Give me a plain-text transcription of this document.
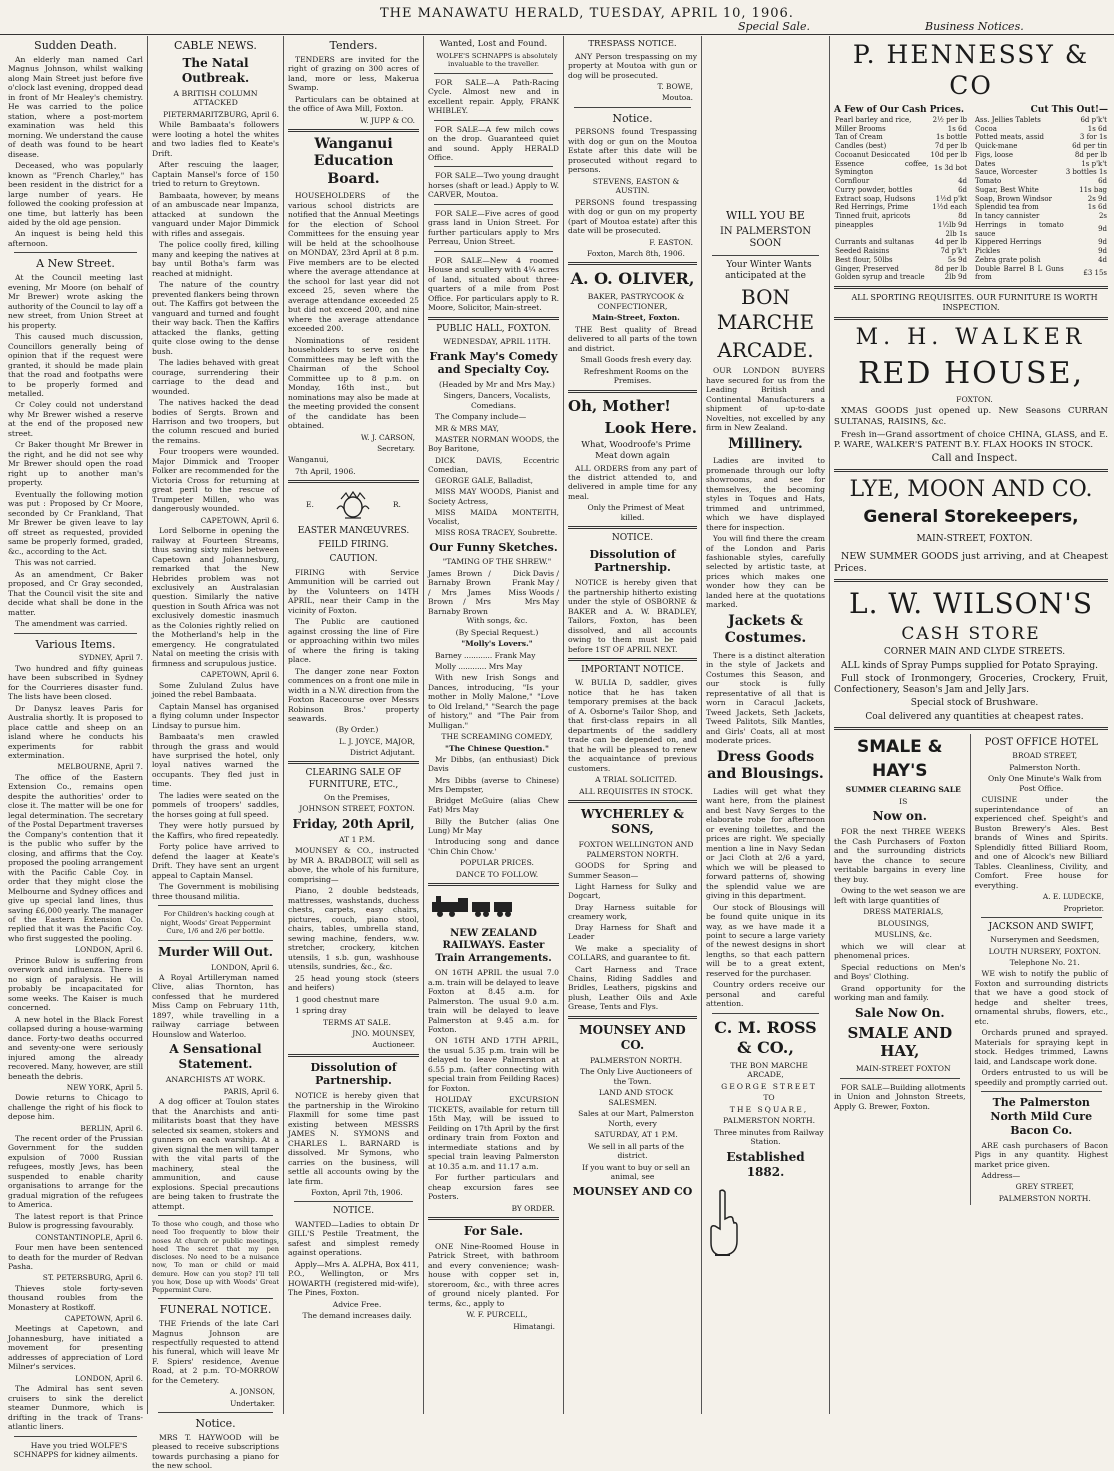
THE MANAWATU HERALD, TUESDAY, APRIL 10, 1906.
Special Sale.	Business Notices.
Sudden Death.

An elderly man named Carl Magnus Johnson, whilst walking along Main Street just before five o'clock last evening, dropped dead in front of Mr Healey's chemistry. He was carried to the police station, where a post-mortem examination was held this morning. We understand the cause of death was found to be heart disease.

Deceased, who was popularly known as "French Charley," has been resident in the district for a large number of years. He followed the cooking profession at one time, but latterly has been aided by the old age pension.

An inquest is being held this afternoon.

A New Street.

At the Council meeting last evening, Mr Moore (on behalf of Mr Brewer) wrote asking the authority of the Council to lay off a new street, from Union Street at his property.

This caused much discussion, Councillors generally being of opinion that if the request were granted, it should be made plain that the road and footpaths were to be properly formed and metalled.

Cr Coley could not understand why Mr Brewer wished a reserve at the end of the proposed new street.

Cr Baker thought Mr Brewer in the right, and he did not see why Mr Brewer should open the road right up to another man's property.

Eventually the following motion was put : Proposed by Cr Moore, seconded by Cr Frankland, That Mr Brewer be given leave to lay off street as requested, provided same be properly formed, graded, &c., according to the Act.

This was not carried.

As an amendment, Cr Baker proposed, and Cr Gray seconded, That the Council visit the site and decide what shall be done in the matter.

The amendment was carried.

Various Items.
SYDNEY, April 7.

Two hundred and fifty guineas have been subscribed in Sydney for the Courrieres disaster fund. The lists have been closed.

Dr Danysz leaves Paris for Australia shortly. It is proposed to place cattle and sheep on an island where he conducts his experiments for rabbit extermination.

MELBOURNE, April 7.

The office of the Eastern Extension Co., remains open despite the authorities' order to close it. The matter will be one for legal determination. The secretary of the Postal Department traverses the Company's contention that it is the public who suffer by the closing, and affirms that the Coy. proposed the pooling arrangement with the Pacific Cable Coy. in order that they might close the Melbourne and Sydney offices and give up special land lines, thus saving £6,000 yearly. The manager of the Eastern Extension Co. replied that it was the Pacific Coy. who first suggested the pooling.

LONDON, April 6.

Prince Bulow is suffering from overwork and influenza. There is no sign of paralysis. He will probably be incapacitated for some weeks. The Kaiser is much concerned.

A new hotel in the Black Forest collapsed during a house-warming dance. Forty-two deaths occurred and seventy-one were seriously injured among the already recovered. Many, however, are still beneath the debris.

NEW YORK, April 5.

Dowie returns to Chicago to challenge the right of his flock to depose him.

BERLIN, April 6.

The recent order of the Prussian Government for the sudden expulsion of 7000 Russian refugees, mostly Jews, has been suspended to enable charity organisations to arrange for the gradual migration of the refugees to America.

The latest report is that Prince Bulow is progressing favourably.

CONSTANTINOPLE, April 6.

Four men have been sentenced to death for the murder of Redvan Pasha.

ST. PETERSBURG, April 6.

Thieves stole forty-seven thousand roubles from the Monastery at Rostkoff.

CAPETOWN, April 6.

Meetings at Capetown, and Johannesburg, have initiated a movement for presenting addresses of appreciation of Lord Milner's services.

LONDON, April 6.

The Admiral has sent seven cruisers to sink the derelict steamer Dunmore, which is drifting in the track of Trans-atlantic liners.

Have you tried WOLFE'S SCHNAPPS for kidney ailments.

CABLE NEWS.
The Natal Outbreak.
A BRITISH COLUMN ATTACKED
PIETERMARITZBURG, April 6.

While Bambaata's followers were looting a hotel the whites and two ladies fled to Keate's Drift.

After rescuing the laager, Captain Mansel's force of 150 tried to return to Greytown.

Bambaata, however, by means of an ambuscade near Impanza, attacked at sundown the vanguard under Major Dimmick with rifles and assegais.

The police coolly fired, killing many and keeping the natives at bay until Botha's farm was reached at midnight.

The nature of the country prevented flankers being thrown out. The Kaffirs got between the vanguard and turned and fought their way back. Then the Kaffirs attacked the flanks, getting quite close owing to the dense bush.

The ladies behaved with great courage, surrendering their carriage to the dead and wounded.

The natives hacked the dead bodies of Sergts. Brown and Harrison and two troopers, but the column rescued and buried the remains.

Four troopers were wounded. Major Dimmick and Trooper Folker are recommended for the Victoria Cross for returning at great peril to the rescue of Trumpeter Millen, who was dangerously wounded.

CAPETOWN, April 6.

Lord Selborne in opening the railway at Fourteen Streams, thus saving sixty miles between Capetown and Johannesburg, remarked that the New Hebrides problem was not exclusively an Australasian question. Similarly the native question in South Africa was not exclusively domestic inasmuch as the Colonies rightly relied on the Motherland's help in the emergency. He congratulated Natal on meeting the crisis with firmness and scrupulous justice.

CAPETOWN, April 6.

Some Zululand Zulus have joined the rebel Bambaata.

Captain Mansel has organised a flying column under Inspector Lindsay to pursue him.

Bambaata's men crawled through the grass and would have surprised the hotel, only loyal natives warned the occupants. They fled just in time.

The ladies were seated on the pommels of troopers' saddles, the horses going at full speed.

They were hotly pursued by the Kaffirs, who fired repeatedly.

Forty police have arrived to defend the laager at Keate's Drift. They have sent an urgent appeal to Captain Mansel.

The Government is mobilising three thousand militia.

For Children's hacking cough at night, Woods' Great Peppermint Cure, 1/6 and 2/6 per bottle.

Murder Will Out.
LONDON, April 6.

A Royal Artilleryman named Clive, alias Thornton, has confessed that he murdered Miss Camp on February 11th, 1897, while travelling in a railway carriage between Hounslow and Waterloo.

A Sensational Statement.
ANARCHISTS AT WORK.
PARIS, April 6.

A dog officer at Toulon states that the Anarchists and anti-militarists boast that they have selected six seamen, stokers and gunners on each warship. At a given signal the men will tamper with the vital parts of the machinery, steal the ammunition, and cause explosions. Special precautions are being taken to frustrate the attempt.

To those who cough, and those who need Too frequently to blow their noses At church or public meetings, heed The secret that my pen discloses. No need to be a nuisance now, To man or child or maid demure. How can you stop? I'll tell you how, Dose up with Woods' Great Peppermint Cure.

FUNERAL NOTICE.

THE Friends of the late Carl Magnus Johnson are respectfully requested to attend his funeral, which will leave Mr F. Spiers' residence, Avenue Road, at 2 p.m. TO-MORROW for the Cemetery.

A. JONSON,
Undertaker.
Notice.

MRS T. HAYWOOD will be pleased to receive subscriptions towards purchasing a piano for the new school.

Tenders.

TENDERS are invited for the right of grazing on 300 acres of land, more or less, Makerua Swamp.

Particulars can be obtained at the office of Awa Mill, Foxton.

W. JUPP & CO.
Wanganui Education Board.

HOUSEHOLDERS of the various school districts are notified that the Annual Meetings for the election of School Committees for the ensuing year will be held at the schoolhouse on MONDAY, 23rd April at 8 p.m. Five members are to be elected where the average attendance at the school for last year did not exceed 25, seven where the average attendance exceeded 25 but did not exceed 200, and nine where the average attendance exceeded 200.

Nominations of resident householders to serve on the Committees may be left with the Chairman of the School Committee up to 8 p.m. on Monday, 16th inst., but nominations may also be made at the meeting provided the consent of the candidate has been obtained.

W. J. CARSON,
Secretary.

Wanganui,

7th April, 1906.

E.	R.
EASTER MANŒUVRES.
FEILD FIRING.
CAUTION.

FIRING with Service Ammunition will be carried out by the Volunteers on 14TH APRIL, near their Camp in the vicinity of Foxton.

The Public are cautioned against crossing the line of Fire or approaching within two miles of where the firing is taking place.

The danger zone near Foxton commences on a front one mile in width in a N.W. direction from the Foxton Racecourse over Messrs Robinson Bros.' property seawards.

(By Order.)

L. J. JOYCE, MAJOR,
District Adjutant.
CLEARING SALE OF FURNITURE, ETC.,

On the Premises,

JOHNSON STREET, FOXTON.

Friday, 20th April,

AT 1 P.M.

MOUNSEY & CO., instructed by MR A. BRADBOLT, will sell as above, the whole of his furniture, comprising—

Piano, 2 double bedsteads, mattresses, washstands, duchess chests, carpets, easy chairs, pictures, couch, piano stool, chairs, tables, umbrella stand, sewing machine, fenders, w.w. stretcher, crockery, kitchen utensils, 1 s.b. gun, washhouse utensils, sundries, &c., &c.

25 head young stock (steers and heifers)

1 good chestnut mare

1 spring dray

TERMS AT SALE.

JNO. MOUNSEY,
Auctioneer.
Dissolution of Partnership.

NOTICE is hereby given that the partnership in the Wirokino Flaxmill for some time past existing between MESSRS JAMES N. SYMONS and CHARLES L. BARNARD is dissolved. Mr Symons, who carries on the business, will settle all accounts owing by the late firm.

Foxton, April 7th, 1906.

NOTICE.

WANTED—Ladies to obtain Dr GILL'S Pestile Treatment, the safest and simplest remedy against operations.

Apply—Mrs A. ALPHA, Box 411, P.O., Wellington, or Mrs HOWARTH (registered mid-wife), The Pines, Foxton.

Advice Free.

The demand increases daily.

Wanted, Lost and Found.

WOLFE'S SCHNAPPS is absolutely invaluable to the traveller.

FOR SALE—A Path-Racing Cycle. Almost new and in excellent repair. Apply, FRANK WHIBLEY.

FOR SALE—A few milch cows on the drop. Guaranteed quiet and sound. Apply HERALD Office.

FOR SALE—Two young draught horses (shaft or lead.) Apply to W. CARVER, Moutoa.

FOR SALE—Five acres of good grass land in Union Street. For further particulars apply to Mrs Perreau, Union Street.

FOR SALE—New 4 roomed House and scullery with 4¼ acres of land, situated about three-quarters of a mile from Post Office. For particulars apply to R. Moore, Solicitor, Main-street.

PUBLIC HALL, FOXTON.

WEDNESDAY, APRIL 11TH.

Frank May's Comedy and Specialty Coy.

(Headed by Mr and Mrs May.)

Singers, Dancers, Vocalists, Comedians.

The Company include—

MR & MRS MAY,

MASTER NORMAN WOODS, the Boy Baritone,

DICK DAVIS, Eccentric Comedian,

GEORGE GALE, Balladist,

MISS MAY WOODS, Pianist and Society Actress,

MISS MAIDA MONTEITH, Vocalist,

MISS ROSA TRACEY, Soubrette.

Our Funny Sketches.

"TAMING OF THE SHREW."

James Brown / Barnaby Brown / Mrs James Brown / Mrs Barnaby Brown
Dick Davis / Frank May / Miss Woods / Mrs May

With songs, &c.

(By Special Request.)

"Molly's Lovers."

Barney ............ Frank May

Molly ............ Mrs May

With new Irish Songs and Dances, introducing, "Is your mother in Molly Malone," "Love to Old Ireland," "Search the page of history," and "The Pair from Mulligan."

THE SCREAMING COMEDY,

"The Chinese Question."

Mr Dibbs, (an enthusiast) Dick Davis

Mrs Dibbs (averse to Chinese) Mrs Dempster,

Bridget McGuire (alias Chew Fat) Mrs May

Billy the Butcher (alias One Lung) Mr May

Introducing song and dance 'Chin Chin Chow.'

POPULAR PRICES.

DANCE TO FOLLOW.

NEW ZEALAND RAILWAYS. Easter Train Arrangements.

ON 16TH APRIL the usual 7.0 a.m. train will be delayed to leave Foxton at 8.45 a.m. for Palmerston. The usual 9.0 a.m. train will be delayed to leave Palmerston at 9.45 a.m. for Foxton.

ON 16TH AND 17TH APRIL, the usual 5.35 p.m. train will be delayed to leave Palmerston at 6.55 p.m. (after connecting with special train from Feilding Races) for Foxton.

HOLIDAY EXCURSION TICKETS, available for return till 15th May, will be issued to Feilding on 17th April by the first ordinary train from Foxton and intermediate stations and by special train leaving Palmerston at 10.35 a.m. and 11.17 a.m.

For further particulars and cheap excursion fares see Posters.

BY ORDER.
For Sale.

ONE Nine-Roomed House in Patrick Street, with bathroom and every convenience; wash-house with copper set in, storeroom, &c., with three acres of ground nicely planted. For terms, &c., apply to

W. F. PURCELL,

Himatangi.
TRESPASS NOTICE.

ANY Person trespassing on my property at Moutoa with gun or dog will be prosecuted.

T. BOWE,
Moutoa.
Notice.

PERSONS found Trespassing with dog or gun on the Moutoa Estate after this date will be prosecuted without regard to persons.

STEVENS, EASTON & AUSTIN.

PERSONS found trespassing with dog or gun on my property (part of Moutoa estate) after this date will be prosecuted.

F. EASTON.

Foxton, March 8th, 1906.

A. O. OLIVER,

BAKER, PASTRYCOOK & CONFECTIONER,

Main-Street, Foxton.

THE Best quality of Bread delivered to all parts of the town and district.

Small Goods fresh every day.

Refreshment Rooms on the Premises.

Oh, Mother!
Look Here.

What, Woodroofe's Prime Meat down again

ALL ORDERS from any part of the district attended to, and delivered in ample time for any meal.

Only the Primest of Meat killed.

NOTICE.
Dissolution of Partnership.

NOTICE is hereby given that the partnership hitherto existing under the style of OSBORNE & BAKER and A. W. BRADLEY, Tailors, Foxton, has been dissolved, and all accounts owing to them must be paid before 1ST OF APRIL NEXT.

IMPORTANT NOTICE.

W. BULIA D, saddler, gives notice that he has taken temporary premises at the back of A. Osborne's Tailor Shop, and that first-class repairs in all departments of the saddlery trade can be depended on, and that he will be pleased to renew the acquaintance of previous customers.

A TRIAL SOLICITED.

ALL REQUISITES IN STOCK.

WYCHERLEY & SONS,

FOXTON WELLINGTON AND PALMERSTON NORTH.

GOODS for Spring and Summer Season—

Light Harness for Sulky and Dogcart,

Dray Harness suitable for creamery work,

Dray Harness for Shaft and Leader

We make a speciality of COLLARS, and guarantee to fit.

Cart Harness and Trace Chains, Riding Saddles and Bridles, Leathers, pigskins and plush, Leather Oils and Axle Grease, Tents and Flys.

MOUNSEY AND CO.

PALMERSTON NORTH.

The Only Live Auctioneers of the Town.

LAND AND STOCK SALESMEN.

Sales at our Mart, Palmerston North, every

SATURDAY, AT 1 P.M.

We sell in all parts of the district.

If you want to buy or sell an animal, see

MOUNSEY AND CO
WILL YOU BE
IN PALMERSTON SOON

Your Winter Wants anticipated at the

BON MARCHE
ARCADE.

OUR LONDON BUYERS have secured for us from the Leading British and Continental Manufacturers a shipment of up-to-date Novelties, not excelled by any firm in New Zealand.

Millinery.

Ladies are invited to promenade through our lofty showrooms, and see for themselves, the becoming styles in Toques and Hats, trimmed and untrimmed, which we have displayed there for inspection.

You will find there the cream of the London and Paris fashionable styles, carefully selected by artistic taste, at prices which makes one wonder how they can be landed here at the quotations marked.

Jackets & Costumes.

There is a distinct alteration in the style of Jackets and Costumes this Season, and our stock is fully representative of all that is worn in Caracul Jackets, Tweed Jackets, Seth Jackets, Tweed Palitots, Silk Mantles, and Girls' Coats, all at most moderate prices.

Dress Goods and Blousings.

Ladies will get what they want here, from the plainest and best Navy Serges to the elaborate robe for afternoon or evening toilettes, and the prices are right. We specially mention a line in Navy Sedan or Jaci Cloth at 2/6 a yard, which we will be pleased to forward patterns of, showing the splendid value we are giving in this department.

Our stock of Blousings will be found quite unique in its way, as we have made it a point to secure a large variety of the newest designs in short lengths, so that each pattern will be to a great extent, reserved for the purchaser.

Country orders receive our personal and careful attention.

C. M. ROSS & CO.,

THE BON MARCHE ARCADE,

GEORGE STREET

TO

THE SQUARE,

PALMERSTON NORTH.

Three minutes from Railway Station.

Established 1882.
P. HENNESSY & CO
A Few of Our Cash Prices.	Cut This Out!—
Pearl barley and rice,	2½ per lb
Miller Brooms	1s 6d
Tan of Cream	1s bottle
Candles (best)	7d per lb
Cocoanut Desiccated	10d per lb
Essence coffee, Symington	1s 3d bot
Cornflour	4d
Curry powder, bottles	6d
Extract soap, Hudsons	1½d p'kt
Red Herrings, Prime	1½d each
Tinned fruit, apricots	8d
pineapples	1½lb 9d
	2lb 1s
Currants and sultanas	4d per lb
Seeded Raisins	7d p'k't
Best flour, 50lbs	5s 9d
Ginger, Preserved	8d per lb
Golden syrup and treacle	2lb 9d
Ass. Jellies Tablets	6d p'k't
Cocoa	1s 6d
Potted meats, assid	3 for 1s
Quick-mane	6d per tin
Figs, loose	8d per lb
Dates	1s p'k't
Sauce, Worcester	3 bottles 1s
Tomato	6d
Sugar, Best White	11s bag
Soap, Brown Windsor	2s 9d
Splendid tea from	1s 6d
In tancy cannister	2s
Herrings in tomato sauce	9d
Kippered Herrings	9d
Pickles	9d
Zebra grate polish	4d
Double Barrel B L Guns from	£3 15s

ALL SPORTING REQUISITES. OUR FURNITURE IS WORTH INSPECTION.

M. H. WALKER
RED HOUSE,

FOXTON.

XMAS GOODS just opened up. New Seasons CURRAN SULTANAS, RAISINS, &c.

Fresh in—Grand assortment of choice CHINA, GLASS, and E. P. WARE, WALKER'S PATENT B.Y. FLAX HOOKS IN STOCK.

Call and Inspect.

LYE, MOON AND CO.
General Storekeepers,

MAIN-STREET, FOXTON.

NEW SUMMER GOODS just arriving, and at Cheapest Prices.

L. W. WILSON'S
CASH STORE

CORNER MAIN AND CLYDE STREETS.

ALL kinds of Spray Pumps supplied for Potato Spraying.

Full stock of Ironmongery, Groceries, Crockery, Fruit, Confectionery, Season's Jam and Jelly Jars.

Special stock of Brushware.

Coal delivered any quantities at cheapest rates.

SMALE &
HAY'S

SUMMER CLEARING SALE

IS

Now on.

FOR the next THREE WEEKS the Cash Purchasers of Foxton and the surrounding districts have the chance to secure veritable bargains in every line they buy.

Owing to the wet season we are left with large quantities of

DRESS MATERIALS,

BLOUSINGS,

MUSLINS, &c.

which we will clear at phenomenal prices.

Special reductions on Men's and Boys' Clothing.

Grand opportunity for the working man and family.

Sale Now On.
SMALE AND HAY,

MAIN-STREET FOXTON

FOR SALE—Building allotments in Union and Johnston Streets, Apply G. Brewer, Foxton.

POST OFFICE HOTEL

BROAD STREET,

Palmerston North.

Only One Minute's Walk from Post Office.

CUISINE under the superintendance of an experienced chef. Speight's and Buston Brewery's Ales. Best brands of Wines and Spirits. Splendidly fitted Billiard Room, and one of Alcock's new Billiard Tables. Cleanliness, Civility, and Comfort. Free house for everything.

A. E. LUDECKE,
Proprietor.
JACKSON AND SWIFT,

Nurserymen and Seedsmen,

LOUTH NURSERY, FOXTON.

Telephone No. 21.

WE wish to notify the public of Foxton and surrounding districts that we have a good stock of hedge and shelter trees, ornamental shrubs, flowers, etc., etc.

Orchards pruned and sprayed. Materials for spraying kept in stock. Hedges trimmed, Lawns laid, and Landscape work done.

Orders entrusted to us will be speedily and promptly carried out.

The Palmerston North Mild Cure Bacon Co.

ARE cash purchasers of Bacon Pigs in any quantity. Highest market price given.

Address—

GREY STREET,

PALMERSTON NORTH.
